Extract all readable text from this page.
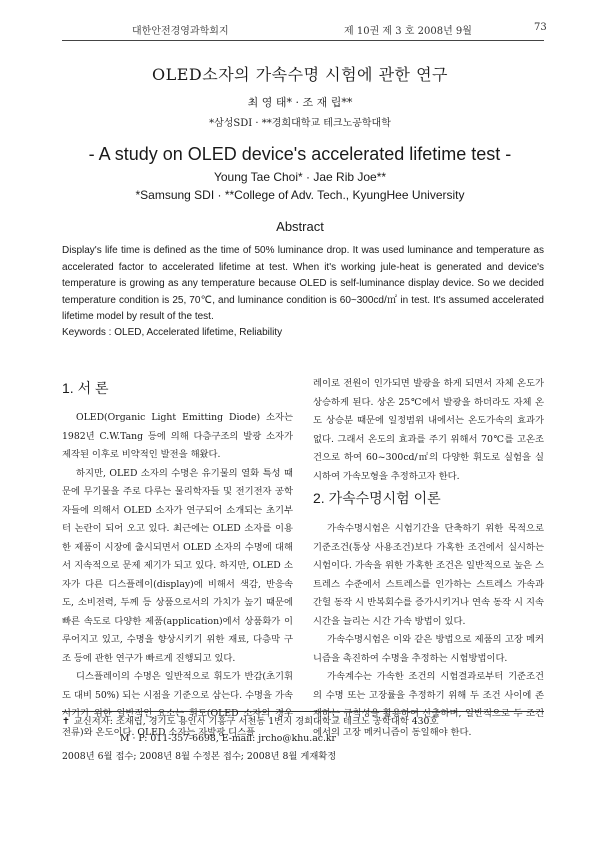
대한안전경영과학회지	제 10권 제 3 호 2008년 9월	73
OLED소자의 가속수명 시험에 관한 연구
최 영 태* · 조 재 립**
*삼성SDI · **경희대학교 테크노공학대학
- A study on OLED device's accelerated lifetime test -
Young Tae Choi* · Jae Rib Joe**
*Samsung SDI · **College of Adv. Tech., KyungHee University
Abstract
Display's life time is defined as the time of 50% luminance drop. It was used luminance and temperature as accelerated factor to accelerated lifetime at test. When it's working jule-heat is generated and device's temperature is growing as any temperature because OLED is self-luminance display device. So we decided temperature condition is 25, 70℃, and luminance condition is 60~300cd/㎡ in test. It's assumed accelerated lifetime model by result of the test.
Keywords : OLED, Accelerated lifetime, Reliability
1. 서 론

OLED(Organic Light Emitting Diode) 소자는 1982년 C.W.Tang 등에 의해 다층구조의 발광 소자가 제작된 이후로 비약적인 발전을 해왔다.

하지만, OLED 소자의 수명은 유기물의 열화 특성 때문에 무기물을 주로 다루는 물리학자들 및 전기전자 공학자들에 의해서 OLED 소자가 연구되어 소개되는 초기부터 논란이 되어 오고 있다. 최근에는 OLED 소자를 이용한 제품이 시장에 출시되면서 OLED 소자의 수명에 대해서 지속적으로 문제 제기가 되고 있다. 하지만, OLED 소자가 다른 디스플레이(display)에 비해서 색감, 반응속도, 소비전력, 두께 등 상품으로서의 가치가 높기 때문에 빠른 속도로 다양한 제품(application)에서 상품화가 이루어지고 있고, 수명을 향상시키기 위한 재료, 다층막 구조 등에 관한 연구가 빠르게 진행되고 있다.

디스플레이의 수명은 일반적으로 휘도가 반감(초기휘도 대비 50%) 되는 시점을 기준으로 삼는다. 수명을 가속시키기 위한 일반적인 요소는 휘도(OLED 소자의 경우 전류)와 온도이다. OLED 소자는 자발광 디스플

레이로 전원이 인가되면 발광을 하게 되면서 자체 온도가 상승하게 된다. 상온 25℃에서 발광을 하더라도 자체 온도 상승분 때문에 일정범위 내에서는 온도가속의 효과가 없다. 그래서 온도의 효과를 주기 위해서 70℃를 고온조건으로 하여 60~300cd/㎡의 다양한 휘도로 실험을 실시하여 가속모형을 추정하고자 한다.

2. 가속수명시험 이론

가속수명시험은 시험기간을 단축하기 위한 목적으로 기준조건(통상 사용조건)보다 가혹한 조건에서 실시하는 시험이다. 가속을 위한 가혹한 조건은 일반적으로 높은 스트레스 수준에서 스트레스를 인가하는 스트레스 가속과 간헐 동작 시 반복회수를 증가시키거나 연속 동작 시 지속시간을 늘리는 시간 가속 방법이 있다.

가속수명시험은 이와 같은 방법으로 제품의 고장 메커니즘을 촉진하여 수명을 추정하는 시험방법이다.

가속계수는 가속한 조건의 시험결과로부터 기준조건의 수명 또는 고장률을 추정하기 위해 두 조건 사이에 존재하는 규칙성을 활용하여 산출하며, 일반적으로 두 조건에서의 고장 메커니즘이 동일해야 한다.

✝ 교신저자: 조재립, 경기도 용인시 기흥구 서천동 1번지 경희대학교 테크노 공학대학 430호
M · P: 011-357-6698, E-mail: jrcho@khu.ac.kr
2008년 6월 접수; 2008년 8월 수정본 접수; 2008년 8월 게재확정
